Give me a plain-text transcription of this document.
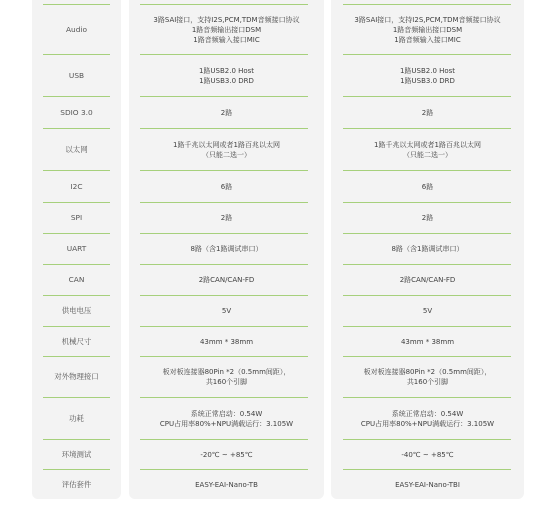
Audio
USB
SDIO 3.0
以太网
I2C
SPI
UART
CAN
供电电压
机械尺寸
对外物理接口
功耗
环境测试
评估套件
3路SAI接口，支持I2S,PCM,TDM音频接口协议
1路音频输出接口DSM
1路音频输入接口MIC
1路USB2.0 Host
1路USB3.0 DRD
2路
1路千兆以太网或者1路百兆以太网
（只能二选一）
6路
2路
8路（含1路调试串口）
2路CAN/CAN-FD
5V
43mm * 38mm
板对板连接器80Pin *2（0.5mm间距），
共160个引脚
系统正常启动：0.54W
CPU占用率80%+NPU满载运行：3.105W
-20℃ ~ +85℃
EASY-EAI-Nano-TB
3路SAI接口，支持I2S,PCM,TDM音频接口协议
1路音频输出接口DSM
1路音频输入接口MIC
1路USB2.0 Host
1路USB3.0 DRD
2路
1路千兆以太网或者1路百兆以太网
（只能二选一）
6路
2路
8路（含1路调试串口）
2路CAN/CAN-FD
5V
43mm * 38mm
板对板连接器80Pin *2（0.5mm间距），
共160个引脚
系统正常启动：0.54W
CPU占用率80%+NPU满载运行：3.105W
-40℃ ~ +85℃
EASY-EAI-Nano-TBI
